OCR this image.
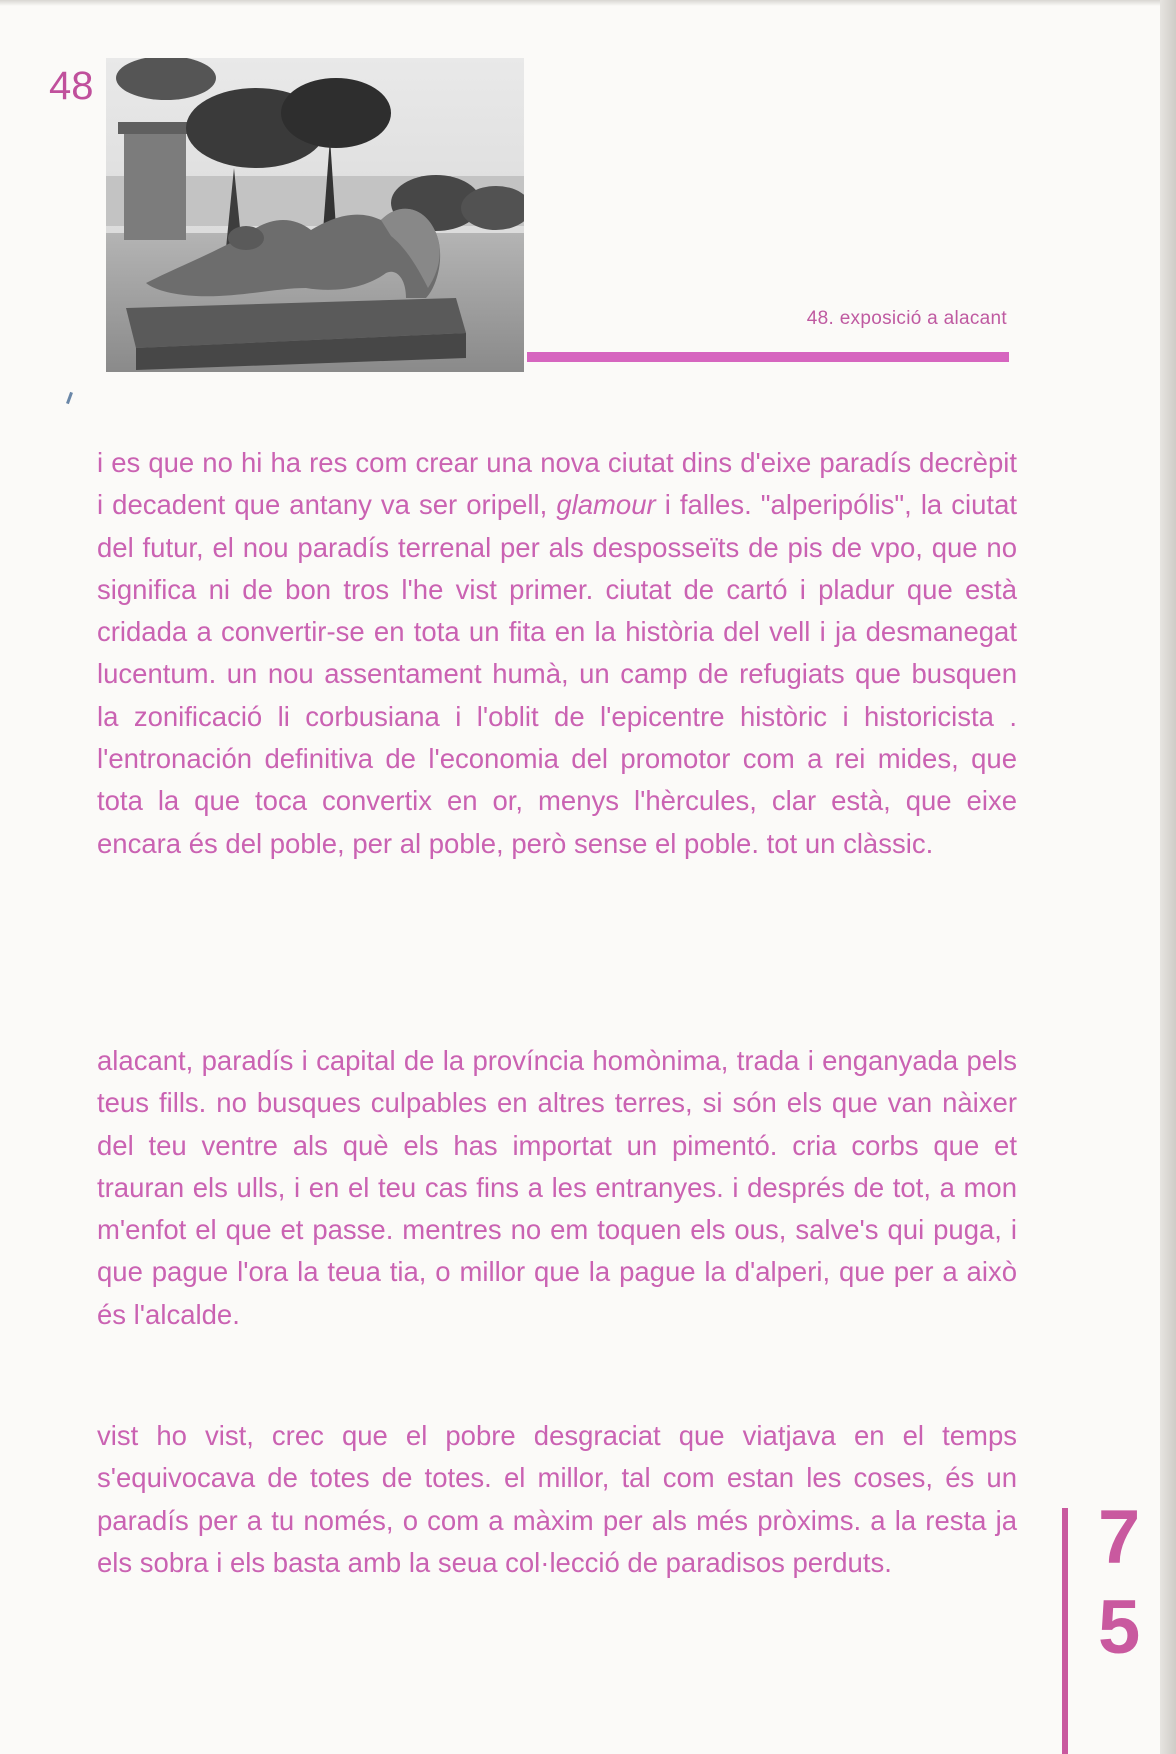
48
48. exposició a alacant

i es que no hi ha res com crear una nova ciutat dins d'eixe paradís decrèpit i decadent que antany va ser oripell, glamour i falles. "alperipólis", la ciutat del futur, el nou paradís terrenal per als desposseïts de pis de vpo, que no significa ni de bon tros l'he vist primer. ciutat de cartó i pladur que està cridada a convertir-se en tota un fita en la història del vell i ja desmanegat lucentum. un nou assentament humà, un camp de refugiats que busquen la zonificació li corbusiana i l'oblit de l'epicentre històric i historicista . l'entronación definitiva de l'economia del promotor com a rei mides, que tota la que toca convertix en or, menys l'hèrcules, clar està, que eixe encara és del poble, per al poble, però sense el poble. tot un clàssic.

alacant, paradís i capital de la província homònima, trada i enganyada pels teus fills. no busques culpables en altres terres, si són els que van nàixer del teu ventre als què els has importat un pimentó. cria corbs que et trauran els ulls, i en el teu cas fins a les entranyes. i després de tot, a mon m'enfot el que et passe. mentres no em toquen els ous, salve's qui puga, i que pague l'ora la teua tia, o millor que la pague la d'alperi, que per a això és l'alcalde.

vist ho vist, crec que el pobre desgraciat que viatjava en el temps s'equivocava de totes de totes. el millor, tal com estan les coses, és un paradís per a tu només, o com a màxim per als més pròxims. a la resta ja els sobra i els basta amb la seua col·lecció de paradisos perduts.	7
5
